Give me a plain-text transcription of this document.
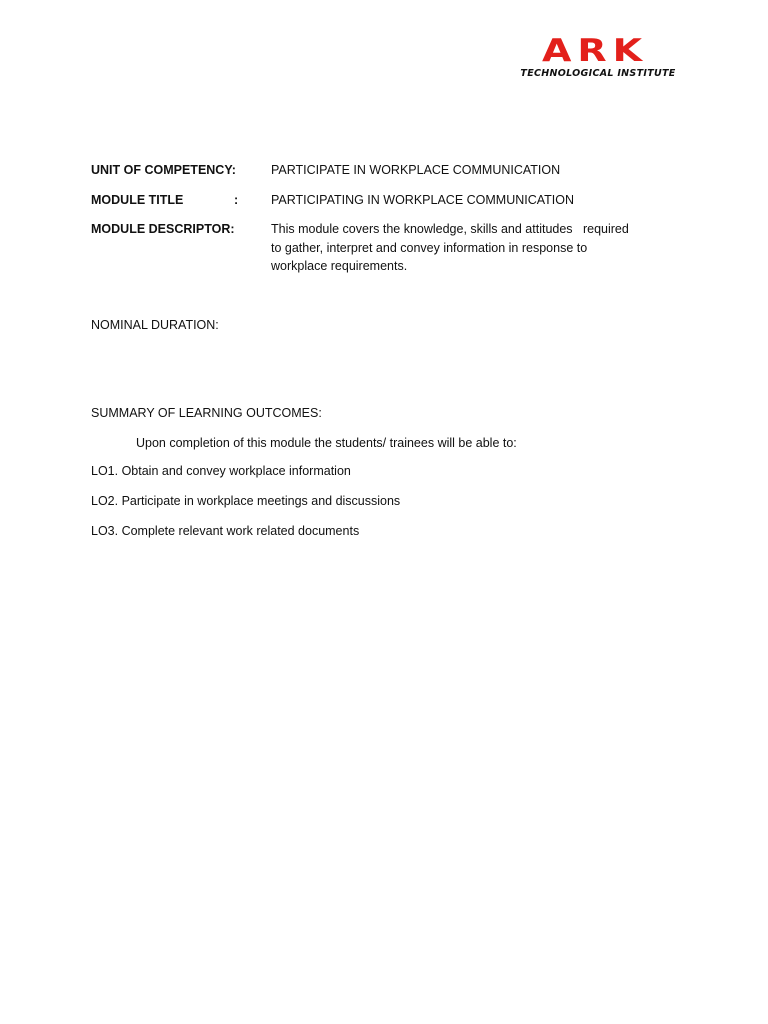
ARK
TECHNOLOGICAL INSTITUTE
UNIT OF COMPETENCY:	PARTICIPATE IN WORKPLACE COMMUNICATION
MODULE TITLE	:	PARTICIPATING IN WORKPLACE COMMUNICATION
MODULE DESCRIPTOR:	This module covers the knowledge, skills and attitudes   required
to gather, interpret and convey information in response to
workplace requirements.
NOMINAL DURATION:
SUMMARY OF LEARNING OUTCOMES:
Upon completion of this module the students/ trainees will be able to:
LO1. Obtain and convey workplace information
LO2. Participate in workplace meetings and discussions
LO3. Complete relevant work related documents
